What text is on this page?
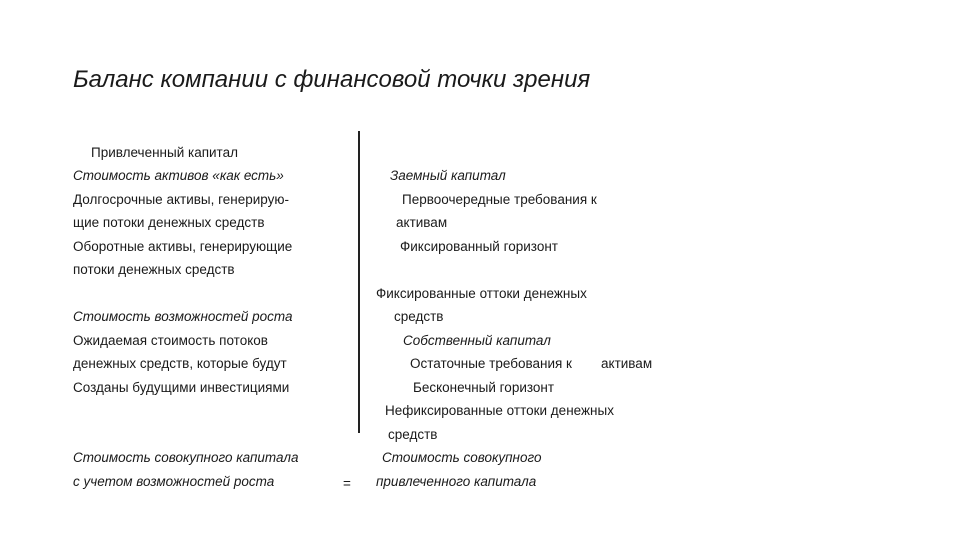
Баланс компании с финансовой точки зрения
Привлеченный капитал
Стоимость активов «как есть»
Долгосрочные активы, генерирую-
щие потоки денежных средств
Оборотные активы, генерирующие
потоки денежных средств
Стоимость возможностей роста
Ожидаемая стоимость потоков
денежных средств, которые будут
Созданы будущими инвестициями
Стоимость совокупного капитала
с учетом возможностей роста	=
Заемный капитал
Первоочередные требования к
активам
Фиксированный горизонт
Фиксированные оттоки денежных
средств
Собственный капитал
Остаточные требования к активам
Бесконечный горизонт
Нефиксированные оттоки денежных
средств
Стоимость совокупного
привлеченного капитала
